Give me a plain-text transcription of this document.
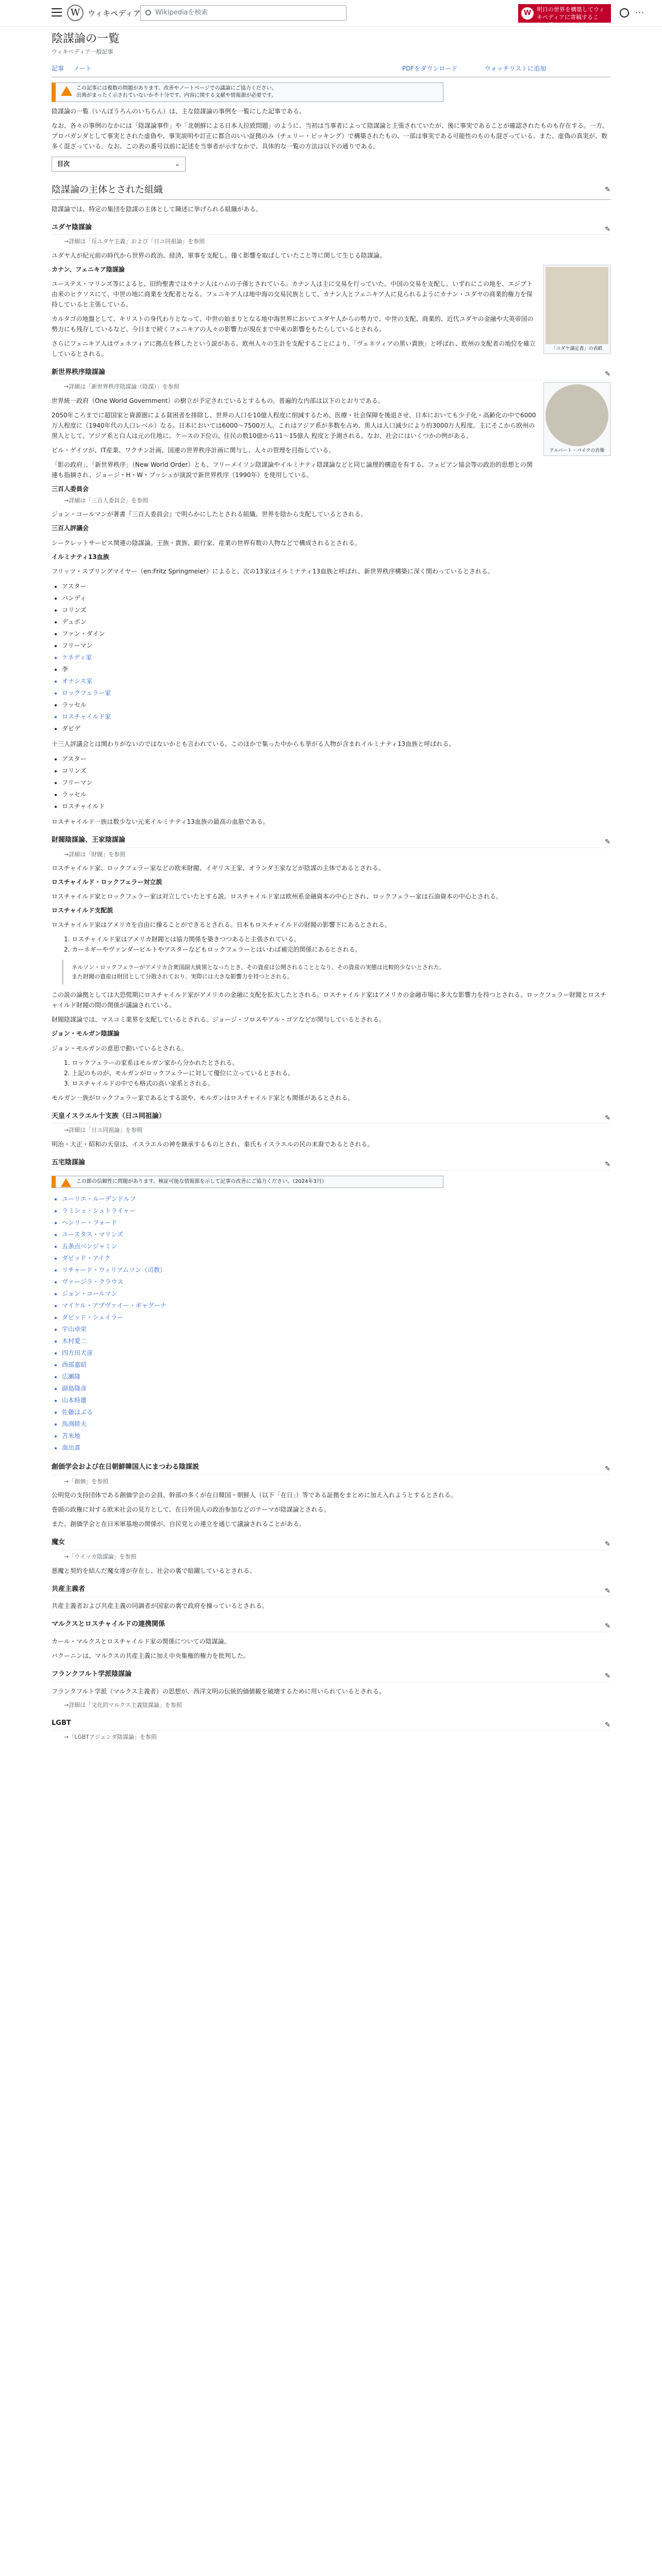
W ウィキペディア	Wikipediaを検索	W 明日の世界を構築してウィキペディアに寄稿すること、誰かもらえます!
···
陰謀論の一覧
ウィキペディア一般記事
記事 ノート	PDFをダウンロード	ウォッチリストに追加
この記事には複数の問題があります。改善やノートページでの議論にご協力ください。
出典がまったく示されていないか不十分です。内容に関する文献や情報源が必要です。

陰謀論の一覧（いんぼうろんのいちらん）は、主な陰謀論の事例を一覧にした記事である。

なお、各々の事例のなかには「陰謀論事件」や「北朝鮮による日本人拉致問題」のように、当初は当事者によって陰謀論と主張されていたが、後に事実であることが確認されたものも存在する。一方、プロパガンダとして事実とされた虚偽や、事実説明や訂正に都合のいい証拠のみ（チェリー・ピッキング）で構築されたもの、一部は事実である可能性のものも混ざっている。また、虚偽の真実が、数多く混ざっている。なお、この表の番号以前に記述を当事者が示すなかで、具体的な一覧の方法は以下の通りである。

目次	⌄
陰謀論の主体とされた組織	✎

陰謀論では、特定の集団を陰謀の主体として陳述に挙げられる組織がある。

ユダヤ陰謀論	✎
→詳細は「反ユダヤ主義」および「日ユ同祖論」を参照

ユダヤ人が紀元前の時代から世界の政治、経済、軍事を支配し、僅く影響を取ばしていたこと等に関して生じる陰謀論。

「ユダヤ議定書」の表紙
カナン、フェニキア陰謀論

ユーステス・マリンズ等によると、旧約聖書ではカナン人はハムの子孫とされている。カナン人は主に交易を行っていた。中国の交易を支配し、いずれにこの地を、エジプト由来のヒクソスにて、中世の地に商業を支配者となる。フェニキア人は地中海の交易民族として、カナン人とフェニキア人に見られるようにカナン・ユダヤの商業的権力を保持していると主張している。

カルタゴの地盤として、キリストの身代わりとなって、中世の始まりとなる地中海世界においてユダヤ人からの勢力で、中世の支配、商業的、近代ユダヤの金融や大英帝国の勢力にも残存しているなど、今日まで続くフェニキアの人々の影響力が現在まで中東の影響をもたらしているとされる。

さらにフェニキア人はヴェネツィアに拠点を移したという説がある。欧州人々の生計を支配することにより、「ヴェネツィアの黒い貴族」と呼ばれ、欧州の支配者の地位を確立しているとされる。

新世界秩序陰謀論	✎
アルバート・パイクの肖像
→詳細は「新世界秩序陰謀論（陰謀）」を参照

世界統一政府（One World Government）の樹立が予定されているとするもの。普遍的な内部は以下のとおりである。

2050年ころまでに超国家と資源圏による貧困者を排除し、世界の人口を10億人程度に削減するため、医療・社会保障を後退させ、日本においても少子化・高齢化の中で6000万人程度に（1940年代の人口レベル）なる。日本においては6000～7500万人、これはアジア系が多数を占め、黒人は人口減少により約3000万人程度。主にそこから欧州の黒人として、アジア系と白人は元の住地に、ケースの下位の、住民の数10億から11～15億人 程度と予測される。なお、社会にはいくつかの例がある。

ビル・ゲイツが、IT産業、ワクチン計画、国連の世界秩序計画に関与し、人々の管理を目指している。

「影の政府」、「新世界秩序」（New World Order）とも、フリーメイソン陰謀論やイルミナティ陰謀論などと同じ論理的構造を有する、フェビアン協会等の政治的思想との関連も指摘され、ジョージ・H・W・ブッシュが演説で新世界秩序（1990年）を使用している。

三百人委員会
→詳細は「三百人委員会」を参照

ジョン・コールマンが著書『三百人委員会』で明らかにしたとされる組織。世界を陰から支配しているとされる。

三百人評議会

シークレットサービス関連の陰謀論。王族・貴族、銀行家、産業の世界有数の人物などで構成されるとされる。

イルミナティ13血族

フリッツ・スプリングマイヤー（en:Fritz Springmeier）によると、次の13家はイルミナティ13血族と呼ばれ、新世界秩序構築に深く関わっているとされる。

• アスター
• バンディ
• コリンズ
• デュポン
• ファン・ダイン
• フリーマン
• ケネディ家
• 李
• オナシス家
• ロックフェラー家
• ラッセル
• ロスチャイルド家
• ダビデ

十三人評議会とは関わりがないのではないかとも言われている。このほかで集った中からも挙がる人物が含まれイルミナティ13血族と呼ばれる。

• アスター
• コリンズ
• フリーマン
• ラッセル
• ロスチャイルド

ロスチャイルド一族は数少ない元来イルミナティ13血族の最高の血筋である。

財閥陰謀論、王家陰謀論	✎
→詳細は「財閥」を参照

ロスチャイルド家、ロックフェラー家などの欧米財閥、イギリス王家、オランダ王家などが陰謀の主体であるとされる。

ロスチャイルド・ロックフェラー対立説

ロスチャイルド家とロックフェラー家は対立していたとする説。ロスチャイルド家は欧州系金融資本の中心とされ、ロックフェラー家は石油資本の中心とされる。

ロスチャイルド支配説

ロスチャイルド家はアメリカを自由に操ることができるとされる。日本もロスチャイルドの財閥の影響下にあるとされる。

1. ロスチャイルド家はアメリカ財閥とは協力関係を築きつつあると主張されている。
2. カーネギーやヴァンダービルトやアスターなどもロックフェラーとはいわば補完的関係にあるとされる。
ネルソン・ロックフェラーがアメリカ合衆国副大統領となったとき、その資産は公開されることとなり、その資産の実態は比較的少ないとされた。また財閥の資産は財団として分散されており、実際には大きな影響力を持つとされる。

この説の論拠としては大恐慌期にロスチャイルド家がアメリカの金融に支配を拡大したとされる。ロスチャイルド家はアメリカの金融市場に多大な影響力を持つとされる。ロックフェラー財閥とロスチャイルド財閥の間の関係が議論されている。

財閥陰謀論では、マスコミ業界を支配しているとされる。ジョージ・ソロスやアル・ゴアなどが関与しているとされる。

ジョン・モルガン陰謀論

ジョン・モルガンの意思で動いているとされる。

1. ロックフェラーの家系はモルガン家から分かれたとされる。
2. 上記のものが、モルガンがロックフェラーに対して優位に立っているとされる。
3. ロスチャイルドの中でも格式の高い家系とされる。

モルガン一族がロックフェラー家であるとする説や、モルガンはロスチャイルド家とも関係があるとされる。

天皇イスラエル十支族（日ユ同祖論）	✎
→詳細は「日ユ同祖論」を参照

明治・大正・昭和の天皇は、イスラエルの神を継承するものとされ、秦氏もイスラエルの民の末裔であるとされる。

五宅陰謀論	✎
この節の信頼性に問題があります。検証可能な情報源を示して記事の改善にご協力ください。（2024年3月）
• ユーリエ・ルーデンドルフ
• ラミシュ・シュトライャー
• ヘンリー・フォード
• ユースタス・マリンズ
• 五条点ベンジャミン
• ダビッド・アイク
• リチャード・ウィリアムソン（司教）
• ヴァージラ・クラウス
• ジョン・コールマン
• マイケル・アプヴァイー・ギャグーナ
• ダビッド・シェイラー
• 宇山卓栄
• 木村愛二
• 四方田犬彦
• 西部嘉昭
• 広瀬隆
• 副島隆彦
• 山本時雄
• 佐藤はぶる
• 馬渕睦夫
• 苫米地
• 南出喜
創価学会および在日朝鮮韓国人にまつわる陰謀説	✎
→「創価」を参照

公明党の支持団体である創価学会の会員、幹部の多くが在日韓国・朝鮮人（以下「在日」）等である証拠をまとめに加え入れようとするとされる。

巻頭の政権に対する欧米社会の見方として、在日外国人の政治参加などのテーマが陰謀論とされる。

また、創価学会と在日米軍基地の関係が、自民党との連立を通じて議論されることがある。

魔女	✎
→「ウイッカ陰謀論」を参照

悪魔と契約を結んだ魔女達が存在し、社会の裏で暗躍しているとされる。

共産主義者	✎

共産主義者および共産主義の同調者が国家の裏で政府を操っているとされる。

マルクスとロスチャイルドの連携関係	✎

カール・マルクスとロスチャイルド家の関係についての陰謀論。

バクーニンは、マルクスの共産主義に加え中央集権的権力を批判した。

フランクフルト学派陰謀論	✎

フランクフルト学派（マルクス主義者）の思想が、西洋文明の伝統的価値観を破壊するために用いられているとされる。

→詳細は「文化的マルクス主義陰謀論」を参照
LGBT	✎
→「LGBTアジェンダ陰謀論」を参照
